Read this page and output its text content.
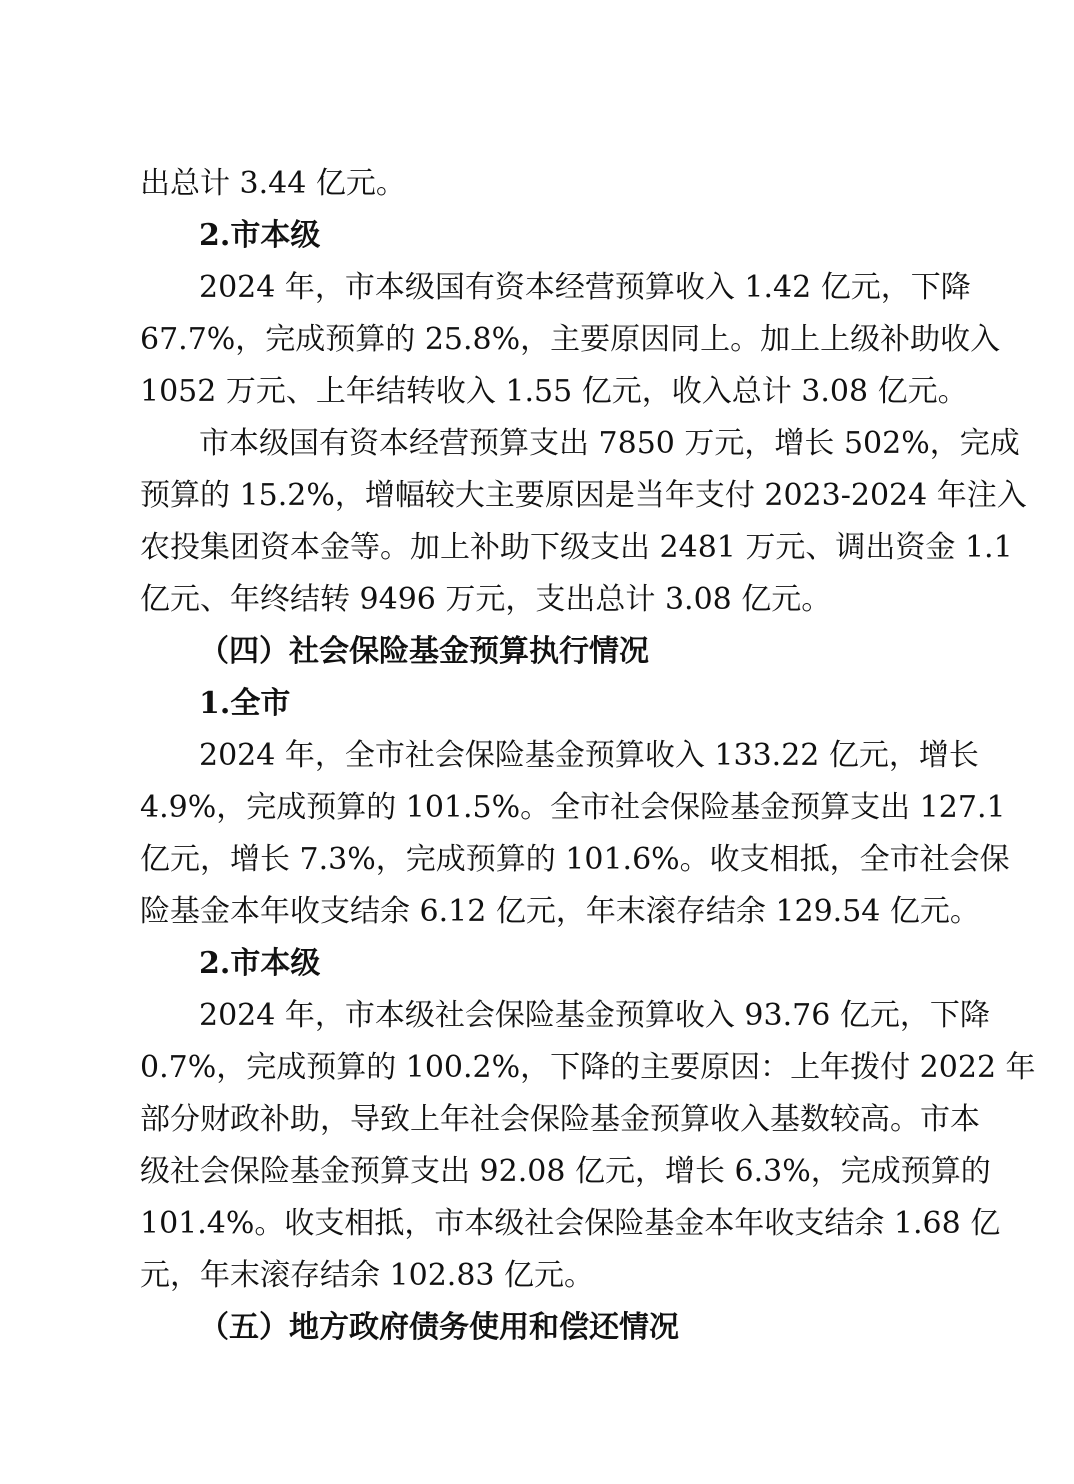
出总计 3.44 亿元。
2.市本级
2024 年，市本级国有资本经营预算收入 1.42 亿元，下降
67.7%，完成预算的 25.8%，主要原因同上。加上上级补助收入
1052 万元、上年结转收入 1.55 亿元，收入总计 3.08 亿元。
市本级国有资本经营预算支出 7850 万元，增长 502%，完成
预算的 15.2%，增幅较大主要原因是当年支付 2023-2024 年注入
农投集团资本金等。加上补助下级支出 2481 万元、调出资金 1.1
亿元、年终结转 9496 万元，支出总计 3.08 亿元。
（四）社会保险基金预算执行情况
1.全市
2024 年，全市社会保险基金预算收入 133.22 亿元，增长
4.9%，完成预算的 101.5%。全市社会保险基金预算支出 127.1
亿元，增长 7.3%，完成预算的 101.6%。收支相抵，全市社会保
险基金本年收支结余 6.12 亿元，年末滚存结余 129.54 亿元。
2.市本级
2024 年，市本级社会保险基金预算收入 93.76 亿元，下降
0.7%，完成预算的 100.2%，下降的主要原因：上年拨付 2022 年
部分财政补助，导致上年社会保险基金预算收入基数较高。市本
级社会保险基金预算支出 92.08 亿元，增长 6.3%，完成预算的
101.4%。收支相抵，市本级社会保险基金本年收支结余 1.68 亿
元，年末滚存结余 102.83 亿元。
（五）地方政府债务使用和偿还情况
